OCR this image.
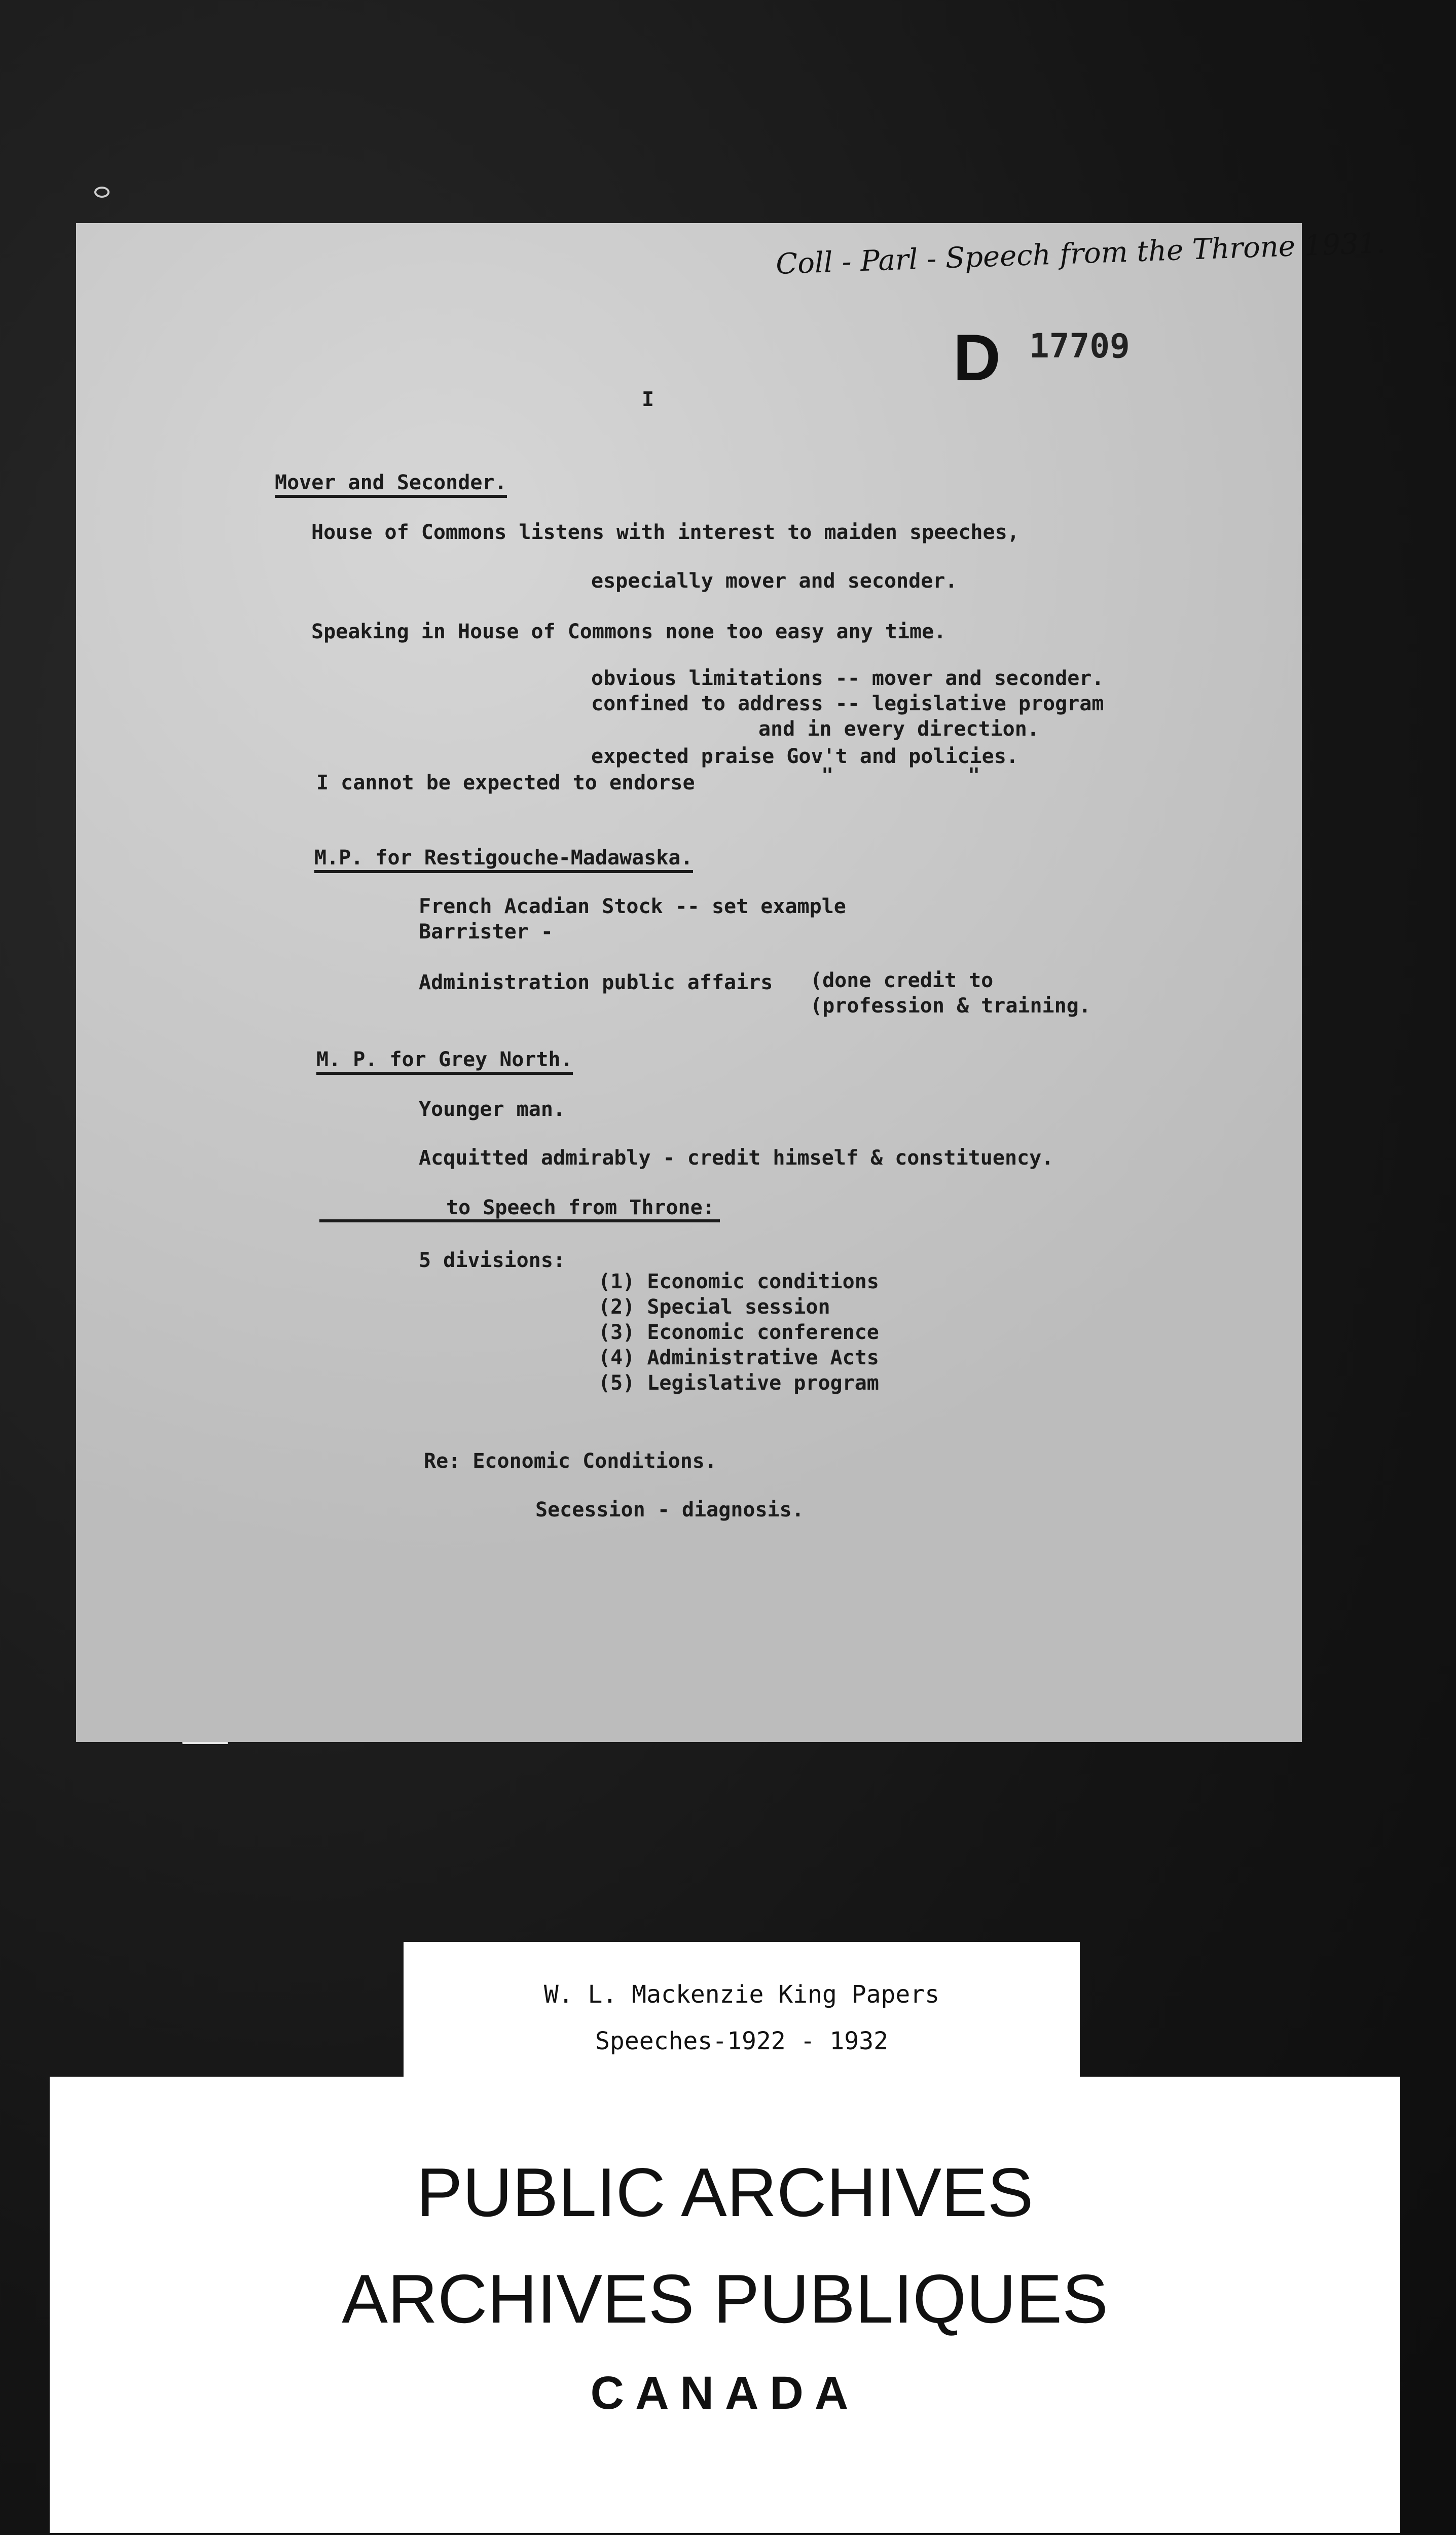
Coll - Parl - Speech from the Throne 1931.

D 17709

I

Mover and Seconder.

House of Commons listens with interest to maiden speeches,

especially mover and seconder.

Speaking in House of Commons none too easy any time.

obvious limitations -- mover and seconder.

confined to address -- legislative program

and in every direction.

expected praise Gov't and policies.

I cannot be expected to endorse	"           "

M.P. for Restigouche-Madawaska.

French Acadian Stock -- set example

Barrister -

Administration public affairs (done credit to

(profession & training.

M. P. for Grey North.

Younger man.

Acquitted admirably - credit himself & constituency.

to Speech from Throne:

5 divisions:

(1) Economic conditions

(2) Special session

(3) Economic conference

(4) Administrative Acts

(5) Legislative program

Re: Economic Conditions.

Secession - diagnosis.

W. L. Mackenzie King Papers

Speeches-1922 - 1932

PUBLIC ARCHIVES

ARCHIVES PUBLIQUES

CANADA
